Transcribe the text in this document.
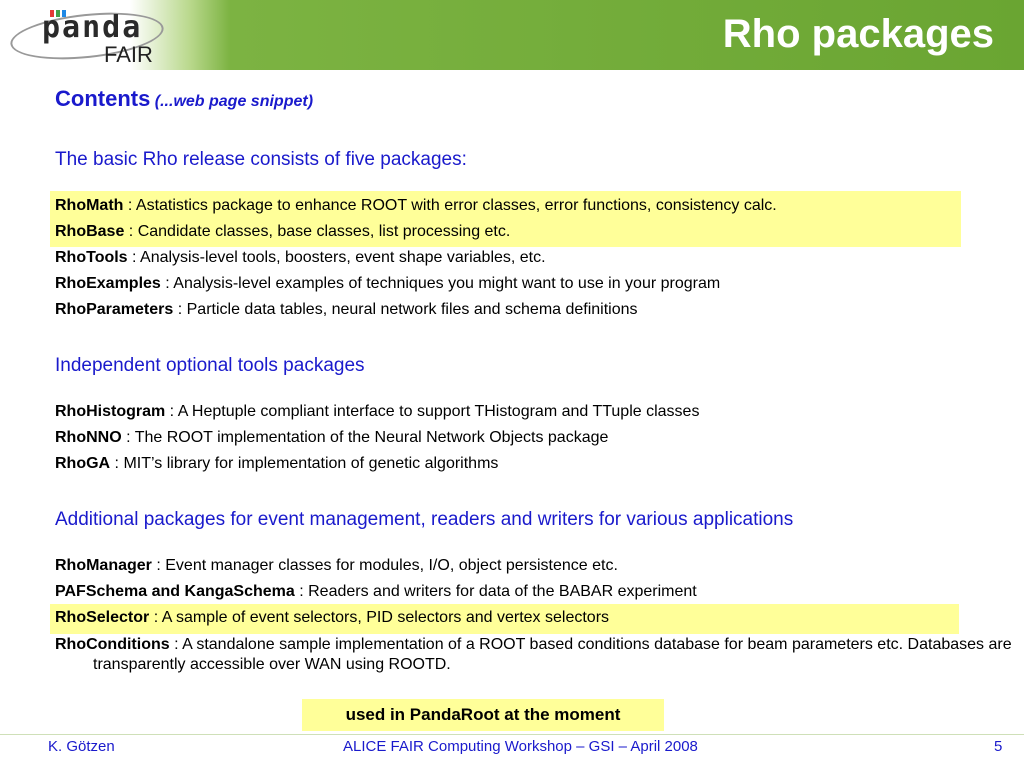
panda
FAIR	Rho packages
Contents (...web page snippet)
The basic Rho release consists of five packages:
RhoMath : Astatistics package to enhance ROOT with error classes, error functions, consistency calc.
RhoBase : Candidate classes, base classes, list processing etc.
RhoTools : Analysis-level tools, boosters, event shape variables, etc.
RhoExamples : Analysis-level examples of techniques you might want to use in your program
RhoParameters : Particle data tables, neural network files and schema definitions
Independent optional tools packages
RhoHistogram : A Heptuple compliant interface to support THistogram and TTuple classes
RhoNNO : The ROOT implementation of the Neural Network Objects package
RhoGA : MIT’s library for implementation of genetic algorithms
Additional packages for event management, readers and writers for various applications
RhoManager : Event manager classes for modules, I/O, object persistence etc.
PAFSchema and KangaSchema : Readers and writers for data of the BABAR experiment
RhoSelector : A sample of event selectors, PID selectors and vertex selectors
RhoConditions : A standalone sample implementation of a ROOT based conditions database for beam parameters etc. Databases are transparently accessible over WAN using ROOTD.
used in PandaRoot at the moment
K. Götzen	ALICE FAIR Computing Workshop – GSI – April 2008	5
